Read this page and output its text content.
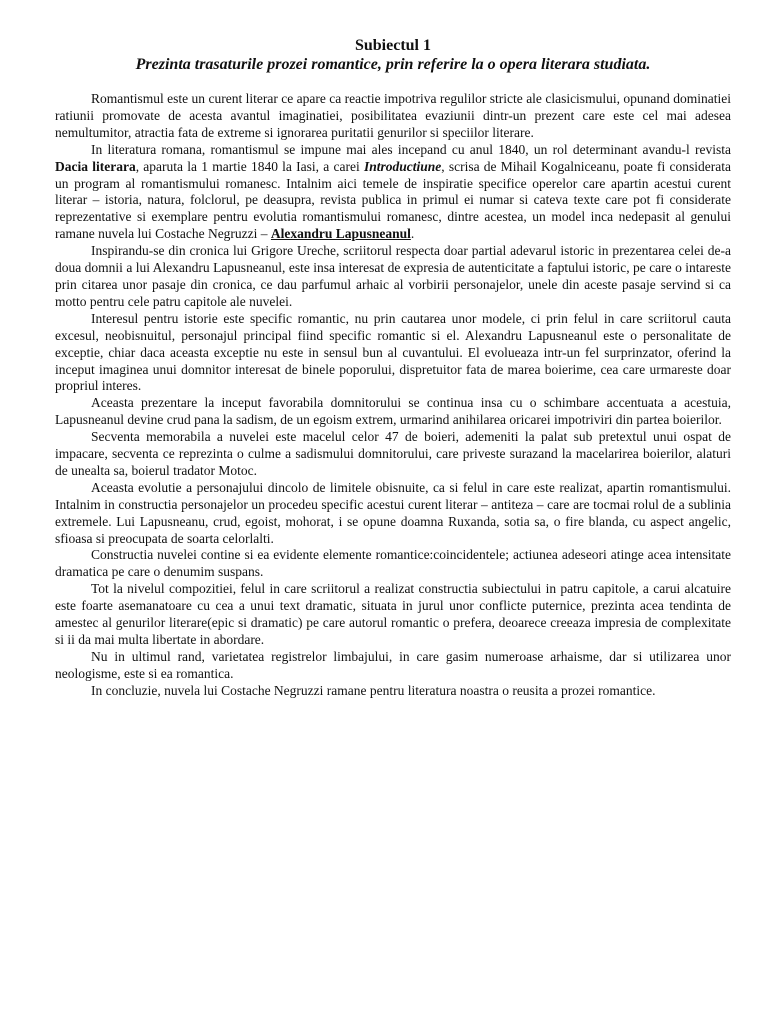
Subiectul 1
Prezinta trasaturile prozei romantice, prin referire la o opera literara studiata.

Romantismul este un curent literar ce apare ca reactie impotriva regulilor stricte ale clasicismului, opunand dominatiei ratiunii promovate de acesta avantul imaginatiei, posibilitatea evaziunii dintr-un prezent care este cel mai adesea nemultumitor, atractia fata de extreme si ignorarea puritatii genurilor si speciilor literare.

In literatura romana, romantismul se impune mai ales incepand cu anul 1840, un rol determinant avandu-l revista Dacia literara, aparuta la 1 martie 1840 la Iasi, a carei Introductiune, scrisa de Mihail Kogalniceanu, poate fi considerata un program al romantismului romanesc. Intalnim aici temele de inspiratie specifice operelor care apartin acestui curent literar – istoria, natura, folclorul, pe deasupra, revista publica in primul ei numar si cateva texte care pot fi considerate reprezentative si exemplare pentru evolutia romantismului romanesc, dintre acestea, un model inca nedepasit al genului ramane nuvela lui Costache Negruzzi – Alexandru Lapusneanul.

Inspirandu-se din cronica lui Grigore Ureche, scriitorul respecta doar partial adevarul istoric in prezentarea celei de-a doua domnii a lui Alexandru Lapusneanul, este insa interesat de expresia de autenticitate a faptului istoric, pe care o intareste prin citarea unor pasaje din cronica, ce dau parfumul arhaic al vorbirii personajelor, unele din aceste pasaje servind si ca motto pentru cele patru capitole ale nuvelei.

Interesul pentru istorie este specific romantic, nu prin cautarea unor modele, ci prin felul in care scriitorul cauta excesul, neobisnuitul, personajul principal fiind specific romantic si el. Alexandru Lapusneanul este o personalitate de exceptie, chiar daca aceasta exceptie nu este in sensul bun al cuvantului. El evolueaza intr-un fel surprinzator, oferind la inceput imaginea unui domnitor interesat de binele poporului, dispretuitor fata de marea boierime, cea care urmareste doar propriul interes.

Aceasta prezentare la inceput favorabila domnitorului se continua insa cu o schimbare accentuata a acestuia, Lapusneanul devine crud pana la sadism, de un egoism extrem, urmarind anihilarea oricarei impotriviri din partea boierilor.

Secventa memorabila a nuvelei este macelul celor 47 de boieri, ademeniti la palat sub pretextul unui ospat de impacare, secventa ce reprezinta o culme a sadismului domnitorului, care priveste surazand la macelarirea boierilor, alaturi de unealta sa, boierul tradator Motoc.

Aceasta evolutie a personajului dincolo de limitele obisnuite, ca si felul in care este realizat, apartin romantismului. Intalnim in constructia personajelor un procedeu specific acestui curent literar – antiteza – care are tocmai rolul de a sublinia extremele. Lui Lapusneanu, crud, egoist, mohorat, i se opune doamna Ruxanda, sotia sa, o fire blanda, cu aspect angelic, sfioasa si preocupata de soarta celorlalti.

Constructia nuvelei contine si ea evidente elemente romantice:coincidentele; actiunea adeseori atinge acea intensitate dramatica pe care o denumim suspans.

Tot la nivelul compozitiei, felul in care scriitorul a realizat constructia subiectului in patru capitole, a carui alcatuire este foarte asemanatoare cu cea a unui text dramatic, situata in jurul unor conflicte puternice, prezinta acea tendinta de amestec al genurilor literare(epic si dramatic) pe care autorul romantic o prefera, deoarece creeaza impresia de complexitate si ii da mai multa libertate in abordare.

Nu in ultimul rand, varietatea registrelor limbajului, in care gasim numeroase arhaisme, dar si utilizarea unor neologisme, este si ea romantica.

In concluzie, nuvela lui Costache Negruzzi ramane pentru literatura noastra o reusita a prozei romantice.
